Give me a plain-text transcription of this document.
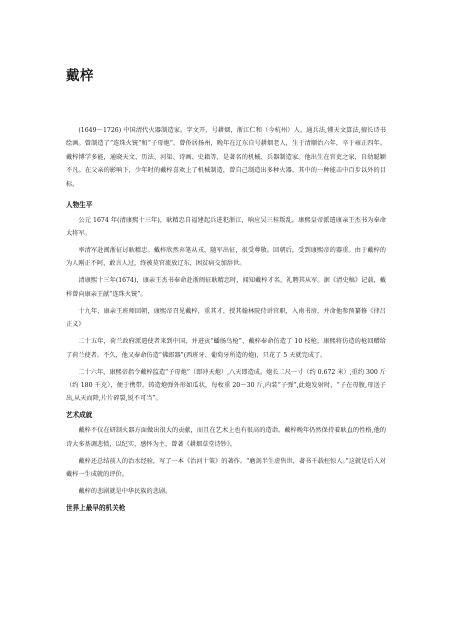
戴梓

(1649～1726) 中国清代火器制造家。字文开，号耕烟，浙江仁和（今杭州）人。通兵法,懂天文算法,擅长诗书绘画。曾制造了“连珠火铳”和“子母炮”。曾侨居扬州，晚年在辽东自号耕烟老人，生于清顺治六年，卒于雍正四年。戴梓博学多能，通晓天文、历法、河渠、诗画、史籍等，是著名的机械、兵器制造家。他出生在官吏之家，自幼聪颖不凡。在父亲的影响下，少年时的戴梓喜欢上了机械制造，曾自己制造出多种火器，其中的一种能击中百步以外的目标。

人物生平

公元 1674 年(清康熙十三年)，耿精忠自福建起兵进犯浙江，响应吴三桂叛乱。康熙皇帝派遣康亲王杰书为奉命大将军。

率清军赴闽浙征讨耿精忠。戴梓欣然弃笔从戎，随军出征，很受尊敬。回朝后，受到康熙帝的器重。由于戴梓的为人刚正不阿，敢言人过，终被莫官流放辽东，困贫病交加辞世。

清康熙十三年(1674)，康亲王杰书奉命赴浙闽征耿精忠时，闻知戴梓才名，礼聘其从军。据《清史稿》记载，戴梓曾向康亲王献“连珠火铳”。

十九年，康亲王班师回朝，康熙帝召见戴梓，重其才，授其翰林院侍讲官职，入南书房，并命他参预纂修《律吕正义》

二十五年，荷兰政府派遣使者来到中国，并进贡“蟠肠鸟枪”，戴梓奉命仿造了 10 枝枪，康熙将仿造的枪回赠给了荷兰使者。不久，他又奉命仿造“佛郎器”(西班牙、葡萄牙所造的炮)，只花了 5 天就完成了。

二十六年，康熙帝指令戴梓监造“子母炮”（即冲天炮）,八天即造成。炮长二尺一寸（约 0.672 米）,重约 300 斤（约 180 千克），便于携带。铸造炮弹外形如瓜状，每枚重 20～30 斤,内装“子弹”,此炮发射时，“子在母腹,母送子出,从天而降,片片碎裂,锐不可当”。

艺术成就

戴梓不仅在研制火器方面做出很大的贡献，而且在艺术上也有很高的造诣。戴梓晚年仍然保持着耿直的性格,他的诗大多基调悲愤，以纪实、感怀为主，曾著《耕烟草堂诗钞》。

戴梓还总结前人的治水经验，写了一本《治河十策》的著作。“磨剑半生虚售世，著书千载枉惊人。”这就是后人对戴梓一生成就的评价。

戴梓的悲剧就是中华民族的悲剧。

世界上最早的机关枪
